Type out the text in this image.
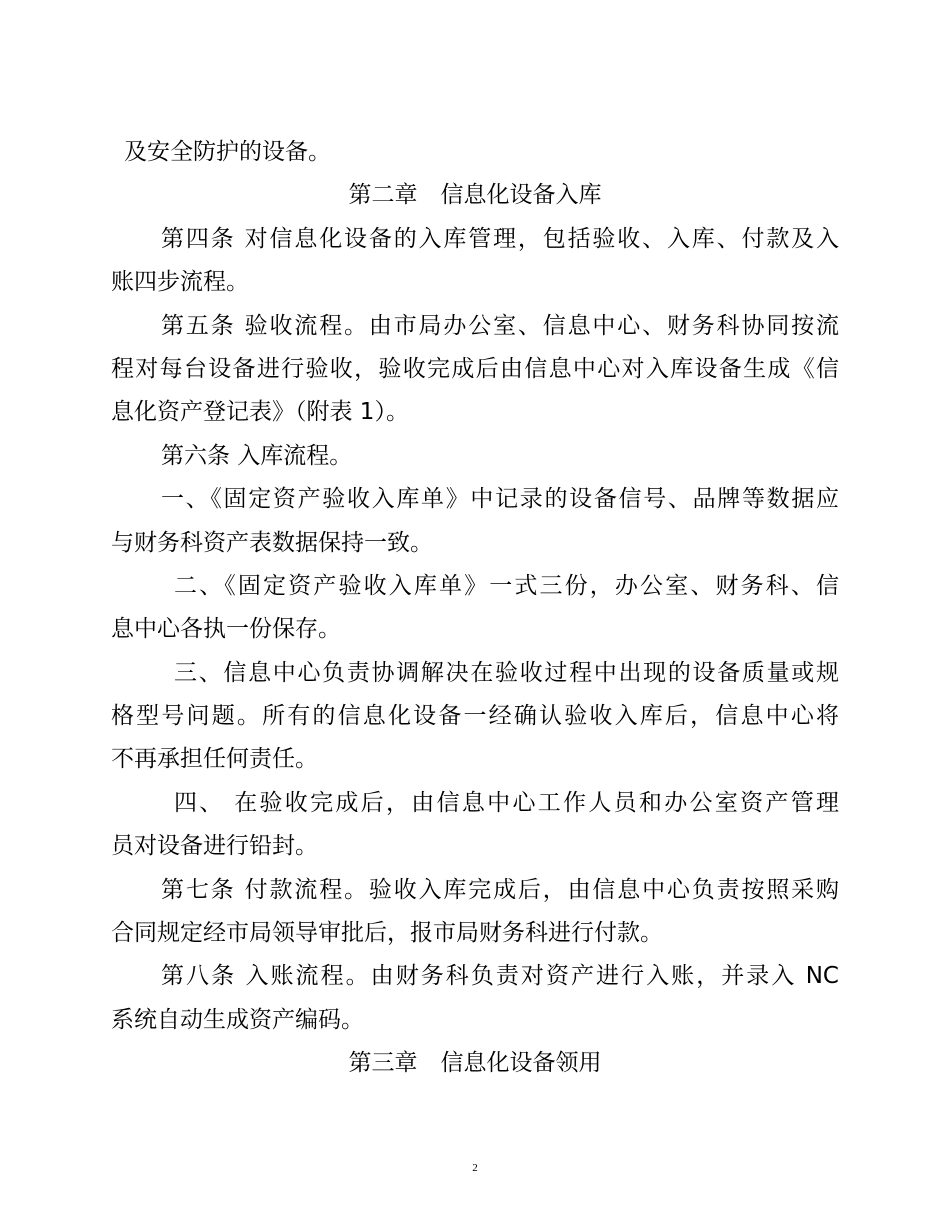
及安全防护的设备。
第二章　信息化设备入库
第四条 对信息化设备的入库管理，包括验收、入库、付款及入
账四步流程。
第五条 验收流程。由市局办公室、信息中心、财务科协同按流
程对每台设备进行验收，验收完成后由信息中心对入库设备生成《信
息化资产登记表》（附表 1）。
第六条 入库流程。
一、《固定资产验收入库单》中记录的设备信号、品牌等数据应
与财务科资产表数据保持一致。
二、《固定资产验收入库单》一式三份，办公室、财务科、信
息中心各执一份保存。
三、信息中心负责协调解决在验收过程中出现的设备质量或规
格型号问题。所有的信息化设备一经确认验收入库后，信息中心将
不再承担任何责任。
四、 在验收完成后，由信息中心工作人员和办公室资产管理
员对设备进行铅封。
第七条 付款流程。验收入库完成后，由信息中心负责按照采购
合同规定经市局领导审批后，报市局财务科进行付款。
第八条 入账流程。由财务科负责对资产进行入账，并录入 NC
系统自动生成资产编码。
第三章　信息化设备领用
2
